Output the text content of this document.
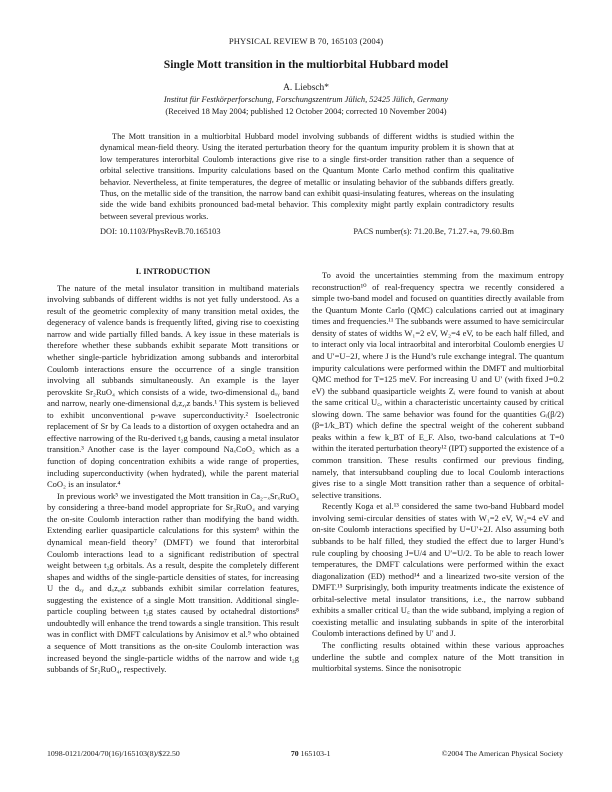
PHYSICAL REVIEW B 70, 165103 (2004)
Single Mott transition in the multiorbital Hubbard model
A. Liebsch*
Institut für Festkörperforschung, Forschungszentrum Jülich, 52425 Jülich, Germany
(Received 18 May 2004; published 12 October 2004; corrected 10 November 2004)
The Mott transition in a multiorbital Hubbard model involving subbands of different widths is studied within the dynamical mean-field theory. Using the iterated perturbation theory for the quantum impurity problem it is shown that at low temperatures interorbital Coulomb interactions give rise to a single first-order transition rather than a sequence of orbital selective transitions. Impurity calculations based on the Quantum Monte Carlo method confirm this qualitative behavior. Nevertheless, at finite temperatures, the degree of metallic or insulating behavior of the subbands differs greatly. Thus, on the metallic side of the transition, the narrow band can exhibit quasi-insulating features, whereas on the insulating side the wide band exhibits pronounced bad-metal behavior. This complexity might partly explain contradictory results between several previous works.
DOI: 10.1103/PhysRevB.70.165103	PACS number(s): 71.20.Be, 71.27.+a, 79.60.Bm
I. INTRODUCTION

The nature of the metal insulator transition in multiband materials involving subbands of different widths is not yet fully understood. As a result of the geometric complexity of many transition metal oxides, the degeneracy of valence bands is frequently lifted, giving rise to coexisting narrow and wide partially filled bands. A key issue in these materials is therefore whether these subbands exhibit separate Mott transitions or whether single-particle hybridization among subbands and interorbital Coulomb interactions ensure the occurrence of a single transition involving all subbands simultaneously. An example is the layer perovskite Sr₂RuO₄ which consists of a wide, two-dimensional dₓᵧ band and narrow, nearly one-dimensional dₓz,ᵧz bands.¹ This system is believed to exhibit unconventional p-wave superconductivity.² Isoelectronic replacement of Sr by Ca leads to a distortion of oxygen octahedra and an effective narrowing of the Ru-derived t₂g bands, causing a metal insulator transition.³ Another case is the layer compound NaₓCoO₂ which as a function of doping concentration exhibits a wide range of properties, including superconductivity (when hydrated), while the parent material CoO₂ is an insulator.⁴

In previous work⁵ we investigated the Mott transition in Ca₂₋ₓSrₓRuO₄ by considering a three-band model appropriate for Sr₂RuO₄ and varying the on-site Coulomb interaction rather than modifying the band width. Extending earlier quasiparticle calculations for this system⁶ within the dynamical mean-field theory⁷ (DMFT) we found that interorbital Coulomb interactions lead to a significant redistribution of spectral weight between t₂g orbitals. As a result, despite the completely different shapes and widths of the single-particle densities of states, for increasing U the dₓᵧ and dₓz,ᵧz subbands exhibit similar correlation features, suggesting the existence of a single Mott transition. Additional single-particle coupling between t₂g states caused by octahedral distortions⁸ undoubtedly will enhance the trend towards a single transition. This result was in conflict with DMFT calculations by Anisimov et al.⁹ who obtained a sequence of Mott transitions as the on-site Coulomb interaction was increased beyond the single-particle widths of the narrow and wide t₂g subbands of Sr₂RuO₄, respectively.

To avoid the uncertainties stemming from the maximum entropy reconstruction¹⁰ of real-frequency spectra we recently considered a simple two-band model and focused on quantities directly available from the Quantum Monte Carlo (QMC) calculations carried out at imaginary times and frequencies.¹¹ The subbands were assumed to have semicircular density of states of widths W₁=2 eV, W₂=4 eV, to be each half filled, and to interact only via local intraorbital and interorbital Coulomb energies U and U′=U−2J, where J is the Hund’s rule exchange integral. The quantum impurity calculations were performed within the DMFT and multiorbital QMC method for T=125 meV. For increasing U and U′ (with fixed J=0.2 eV) the subband quasiparticle weights Zᵢ were found to vanish at about the same critical U꜀, within a characteristic uncertainty caused by critical slowing down. The same behavior was found for the quantities Gᵢ(β/2) (β=1/k_BT) which define the spectral weight of the coherent subband peaks within a few k_BT of E_F. Also, two-band calculations at T=0 within the iterated perturbation theory¹² (IPT) supported the existence of a common transition. These results confirmed our previous finding, namely, that intersubband coupling due to local Coulomb interactions gives rise to a single Mott transition rather than a sequence of orbital-selective transitions.

Recently Koga et al.¹³ considered the same two-band Hubbard model involving semi-circular densities of states with W₁=2 eV, W₂=4 eV and on-site Coulomb interactions specified by U=U′+2J. Also assuming both subbands to be half filled, they studied the effect due to larger Hund’s rule coupling by choosing J=U/4 and U′=U/2. To be able to reach lower temperatures, the DMFT calculations were performed within the exact diagonalization (ED) method¹⁴ and a linearized two-site version of the DMFT.¹⁵ Surprisingly, both impurity treatments indicate the existence of orbital-selective metal insulator transitions, i.e., the narrow subband exhibits a smaller critical U꜀ than the wide subband, implying a region of coexisting metallic and insulating subbands in spite of the interorbital Coulomb interactions defined by U′ and J.

The conflicting results obtained within these various approaches underline the subtle and complex nature of the Mott transition in multiorbital systems. Since the nonisotropic

1098-0121/2004/70(16)/165103(8)/$22.50	70 165103-1	©2004 The American Physical Society
